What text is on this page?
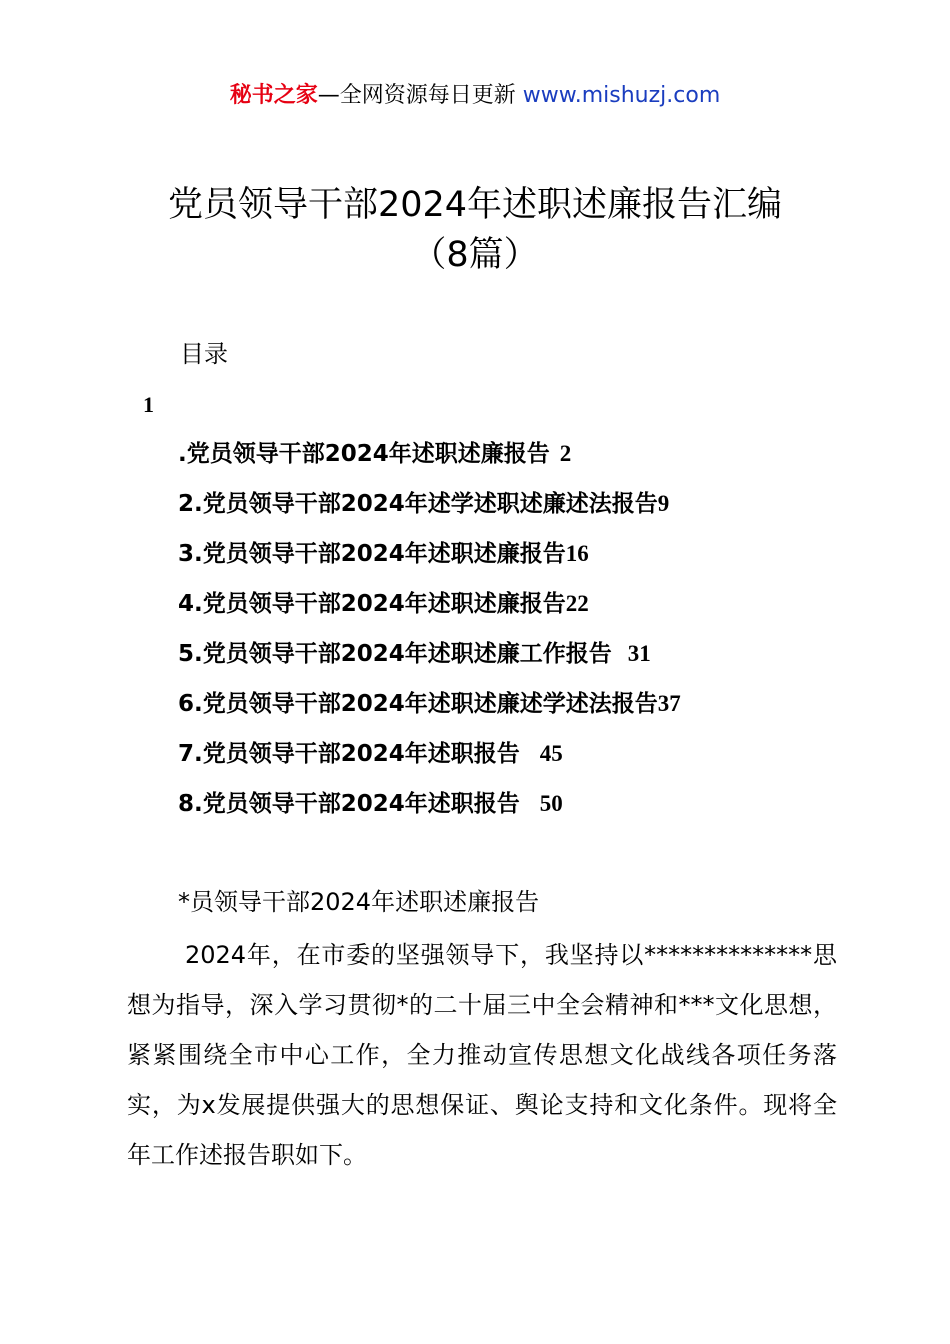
秘书之家—全网资源每日更新 www.mishuzj.com
党员领导干部2024年述职述廉报告汇编
（8篇）
目录
1
.党员领导干部2024年述职述廉报告 2
2.党员领导干部2024年述学述职述廉述法报告9
3.党员领导干部2024年述职述廉报告16
4.党员领导干部2024年述职述廉报告22
5.党员领导干部2024年述职述廉工作报告 31
6.党员领导干部2024年述职述廉述学述法报告37
7.党员领导干部2024年述职报告 45
8.党员领导干部2024年述职报告 50
*员领导干部2024年述职述廉报告
2024年，在市委的坚强领导下，我坚持以**************思想为指导，深入学习贯彻*的二十届三中全会精神和***文化思想，紧紧围绕全市中心工作，全力推动宣传思想文化战线各项任务落实，为x发展提供强大的思想保证、舆论支持和文化条件。现将全年工作述报告职如下。
